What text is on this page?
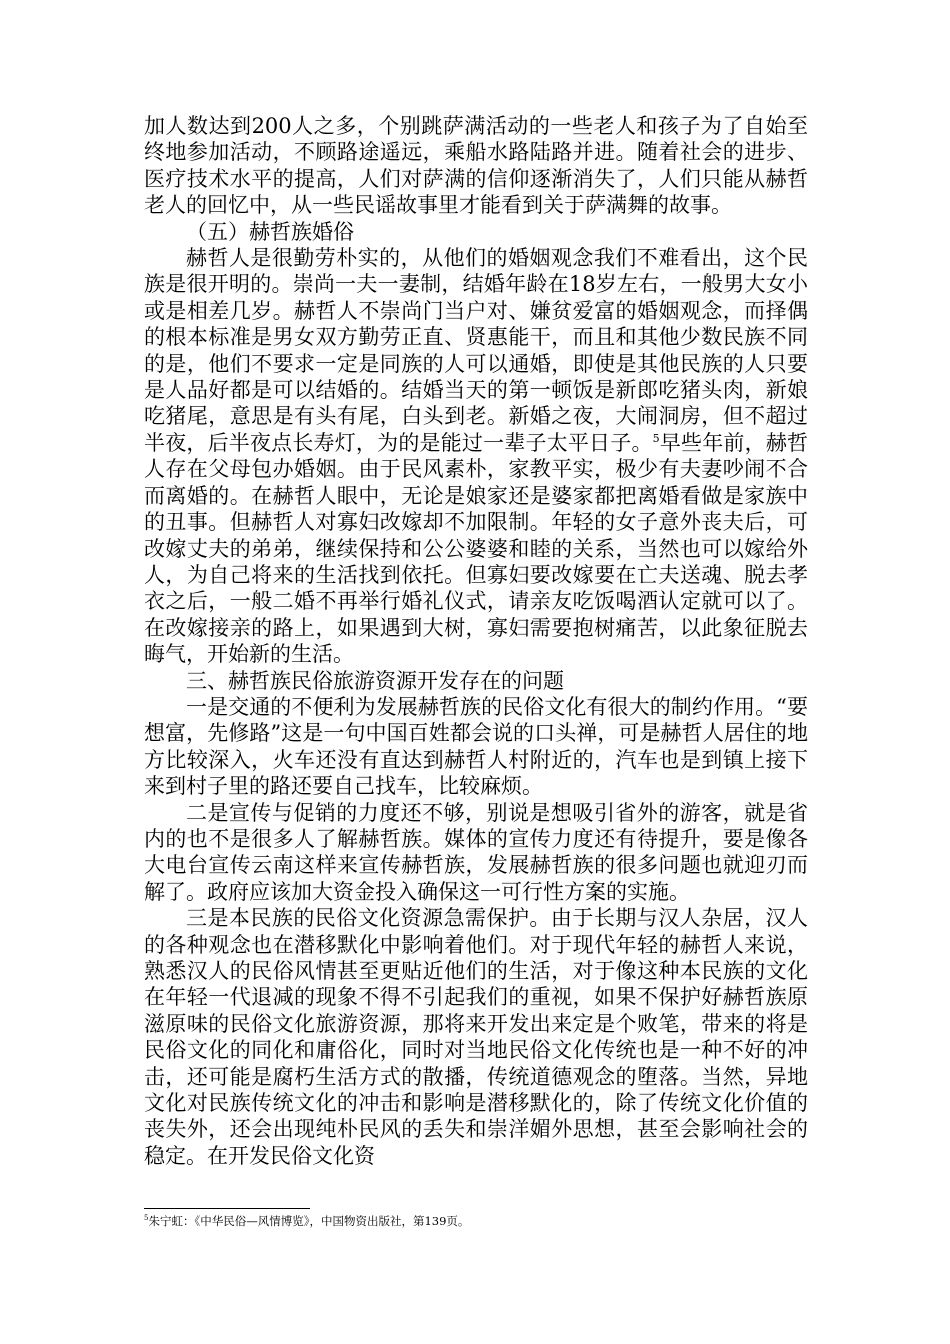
加人数达到200人之多，个别跳萨满活动的一些老人和孩子为了自始至终地参加活动，不顾路途遥远，乘船水路陆路并进。随着社会的进步、医疗技术水平的提高，人们对萨满的信仰逐渐消失了，人们只能从赫哲老人的回忆中，从一些民谣故事里才能看到关于萨满舞的故事。

（五）赫哲族婚俗

赫哲人是很勤劳朴实的，从他们的婚姻观念我们不难看出，这个民族是很开明的。崇尚一夫一妻制，结婚年龄在18岁左右，一般男大女小或是相差几岁。赫哲人不崇尚门当户对、嫌贫爱富的婚姻观念，而择偶的根本标准是男女双方勤劳正直、贤惠能干，而且和其他少数民族不同的是，他们不要求一定是同族的人可以通婚，即使是其他民族的人只要是人品好都是可以结婚的。结婚当天的第一顿饭是新郎吃猪头肉，新娘吃猪尾，意思是有头有尾，白头到老。新婚之夜，大闹洞房，但不超过半夜，后半夜点长寿灯，为的是能过一辈子太平日子。$^5$早些年前，赫哲人存在父母包办婚姻。由于民风素朴，家教平实，极少有夫妻吵闹不合而离婚的。在赫哲人眼中，无论是娘家还是婆家都把离婚看做是家族中的丑事。但赫哲人对寡妇改嫁却不加限制。年轻的女子意外丧夫后，可改嫁丈夫的弟弟，继续保持和公公婆婆和睦的关系，当然也可以嫁给外人，为自己将来的生活找到依托。但寡妇要改嫁要在亡夫送魂、脱去孝衣之后，一般二婚不再举行婚礼仪式，请亲友吃饭喝酒认定就可以了。在改嫁接亲的路上，如果遇到大树，寡妇需要抱树痛苦，以此象征脱去晦气，开始新的生活。

三、赫哲族民俗旅游资源开发存在的问题

一是交通的不便利为发展赫哲族的民俗文化有很大的制约作用。“要想富，先修路”这是一句中国百姓都会说的口头禅，可是赫哲人居住的地方比较深入，火车还没有直达到赫哲人村附近的，汽车也是到镇上接下来到村子里的路还要自己找车，比较麻烦。

二是宣传与促销的力度还不够，别说是想吸引省外的游客，就是省内的也不是很多人了解赫哲族。媒体的宣传力度还有待提升，要是像各大电台宣传云南这样来宣传赫哲族，发展赫哲族的很多问题也就迎刃而解了。政府应该加大资金投入确保这一可行性方案的实施。

三是本民族的民俗文化资源急需保护。由于长期与汉人杂居，汉人的各种观念也在潜移默化中影响着他们。对于现代年轻的赫哲人来说，熟悉汉人的民俗风情甚至更贴近他们的生活，对于像这种本民族的文化在年轻一代退减的现象不得不引起我们的重视，如果不保护好赫哲族原滋原味的民俗文化旅游资源，那将来开发出来定是个败笔，带来的将是民俗文化的同化和庸俗化，同时对当地民俗文化传统也是一种不好的冲击，还可能是腐朽生活方式的散播，传统道德观念的堕落。当然，异地文化对民族传统文化的冲击和影响是潜移默化的，除了传统文化价值的丧失外，还会出现纯朴民风的丢失和崇洋媚外思想，甚至会影响社会的稳定。在开发民俗文化资

$^5$朱宁虹：《中华民俗—风情博览》，中国物资出版社，第139页。
